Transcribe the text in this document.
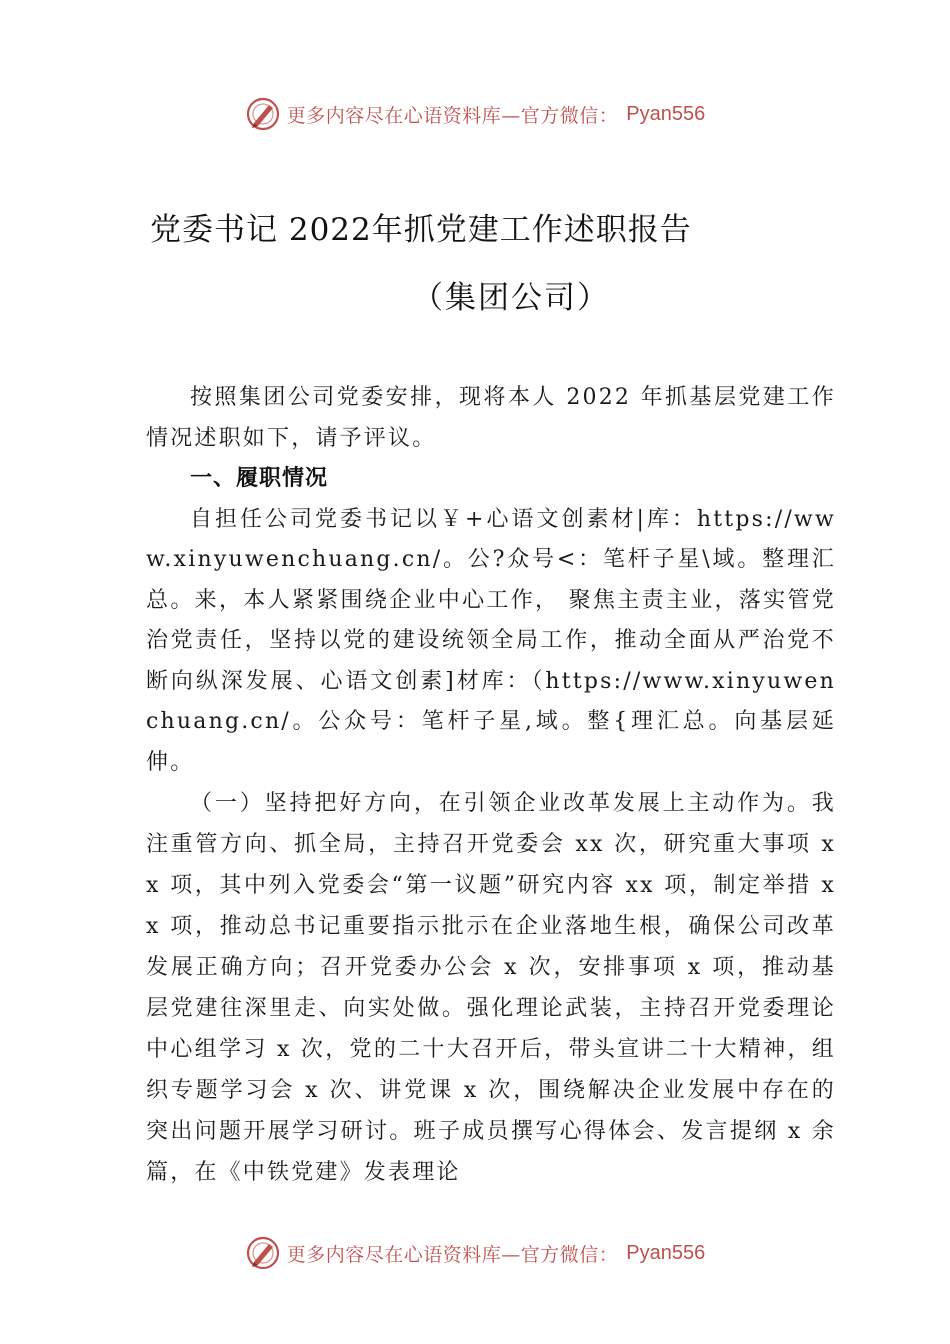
更多内容尽在心语资料库—官方微信： Pyan556
党委书记 2022年抓党建工作述职报告
（集团公司）

按照集团公司党委安排，现将本人 2022 年抓基层党建工作情况述职如下，请予评议。

一、履职情况

自担任公司党委书记以￥+心语文创素材|库：https://www.xinyuwenchuang.cn/。公?众号<：笔杆子星\域。整理汇总。来，本人紧紧围绕企业中心工作， 聚焦主责主业，落实管党治党责任，坚持以党的建设统领全局工作，推动全面从严治党不断向纵深发展、心语文创素]材库：（https://www.xinyuwenchuang.cn/。公众号：笔杆子星,域。整{理汇总。向基层延伸。

（一）坚持把好方向，在引领企业改革发展上主动作为。我注重管方向、抓全局，主持召开党委会 xx 次，研究重大事项 xx 项，其中列入党委会“第一议题”研究内容 xx 项，制定举措 xx 项，推动总书记重要指示批示在企业落地生根，确保公司改革发展正确方向；召开党委办公会 x 次，安排事项 x 项，推动基层党建往深里走、向实处做。强化理论武装，主持召开党委理论中心组学习 x 次，党的二十大召开后，带头宣讲二十大精神，组织专题学习会 x 次、讲党课 x 次，围绕解决企业发展中存在的突出问题开展学习研讨。班子成员撰写心得体会、发言提纲 x 余篇，在《中铁党建》发表理论

更多内容尽在心语资料库—官方微信： Pyan556
